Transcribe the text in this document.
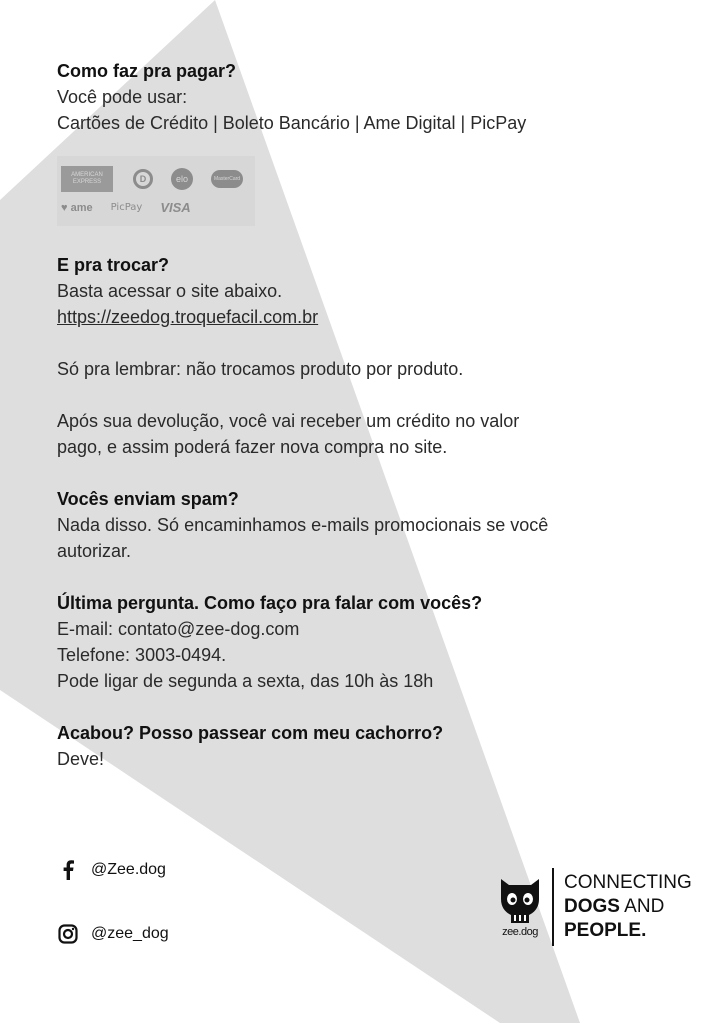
Como faz pra pagar?

Você pode usar:

Cartões de Crédito | Boleto Bancário | Ame Digital | PicPay

AMERICAN EXPRESS	D	elo	MasterCard
♥ ame PicPay VISA

E pra trocar?

Basta acessar o site abaixo.

https://zeedog.troquefacil.com.br

Só pra lembrar: não trocamos produto por produto.

Após sua devolução, você vai receber um crédito no valor

pago, e assim poderá fazer nova compra no site.

Vocês enviam spam?

Nada disso. Só encaminhamos e-mails promocionais se você

autorizar.

Última pergunta. Como faço pra falar com vocês?

E-mail: contato@zee-dog.com

Telefone: 3003-0494.

Pode ligar de segunda a sexta, das 10h às 18h

Acabou? Posso passear com meu cachorro?

Deve!

@Zee.dog
@zee_dog	zee.dog
CONNECTING
DOGS AND
PEOPLE.
